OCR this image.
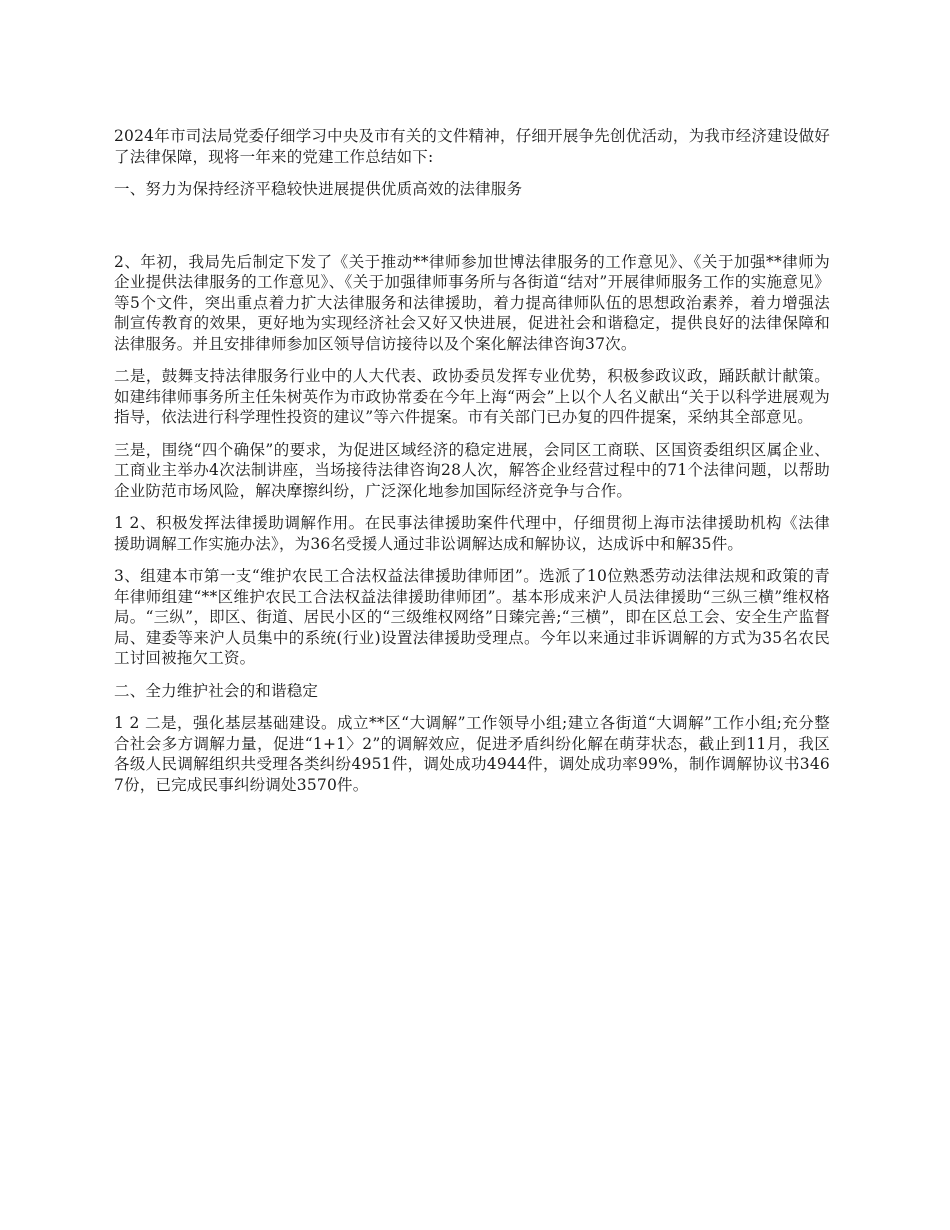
2024年市司法局党委仔细学习中央及市有关的文件精神，仔细开展争先创优活动，为我市经济建设做好了法律保障，现将一年来的党建工作总结如下:

一、努力为保持经济平稳较快进展提供优质高效的法律服务

2、年初，我局先后制定下发了《关于推动**律师参加世博法律服务的工作意见》、《关于加强**律师为企业提供法律服务的工作意见》、《关于加强律师事务所与各街道“结对”开展律师服务工作的实施意见》等5个文件，突出重点着力扩大法律服务和法律援助，着力提高律师队伍的思想政治素养，着力增强法制宣传教育的效果，更好地为实现经济社会又好又快进展，促进社会和谐稳定，提供良好的法律保障和法律服务。并且安排律师参加区领导信访接待以及个案化解法律咨询37次。

二是，鼓舞支持法律服务行业中的人大代表、政协委员发挥专业优势，积极参政议政，踊跃献计献策。如建纬律师事务所主任朱树英作为市政协常委在今年上海“两会”上以个人名义献出“关于以科学进展观为指导，依法进行科学理性投资的建议”等六件提案。市有关部门已办复的四件提案，采纳其全部意见。

三是，围绕“四个确保”的要求，为促进区域经济的稳定进展，会同区工商联、区国资委组织区属企业、工商业主举办4次法制讲座，当场接待法律咨询28人次，解答企业经营过程中的71个法律问题，以帮助企业防范市场风险，解决摩擦纠纷，广泛深化地参加国际经济竞争与合作。

1 2、积极发挥法律援助调解作用。在民事法律援助案件代理中，仔细贯彻上海市法律援助机构《法律援助调解工作实施办法》，为36名受援人通过非讼调解达成和解协议，达成诉中和解35件。

3、组建本市第一支“维护农民工合法权益法律援助律师团”。选派了10位熟悉劳动法律法规和政策的青年律师组建“**区维护农民工合法权益法律援助律师团”。基本形成来沪人员法律援助“三纵三横”维权格局。“三纵”，即区、街道、居民小区的“三级维权网络”日臻完善;“三横”，即在区总工会、安全生产监督局、建委等来沪人员集中的系统(行业)设置法律援助受理点。今年以来通过非诉调解的方式为35名农民工讨回被拖欠工资。

二、全力维护社会的和谐稳定

1 2 二是，强化基层基础建设。成立**区“大调解”工作领导小组;建立各街道“大调解”工作小组;充分整合社会多方调解力量，促进“1+1〉2”的调解效应，促进矛盾纠纷化解在萌芽状态，截止到11月，我区各级人民调解组织共受理各类纠纷4951件，调处成功4944件，调处成功率99%，制作调解协议书3467份，已完成民事纠纷调处3570件。
